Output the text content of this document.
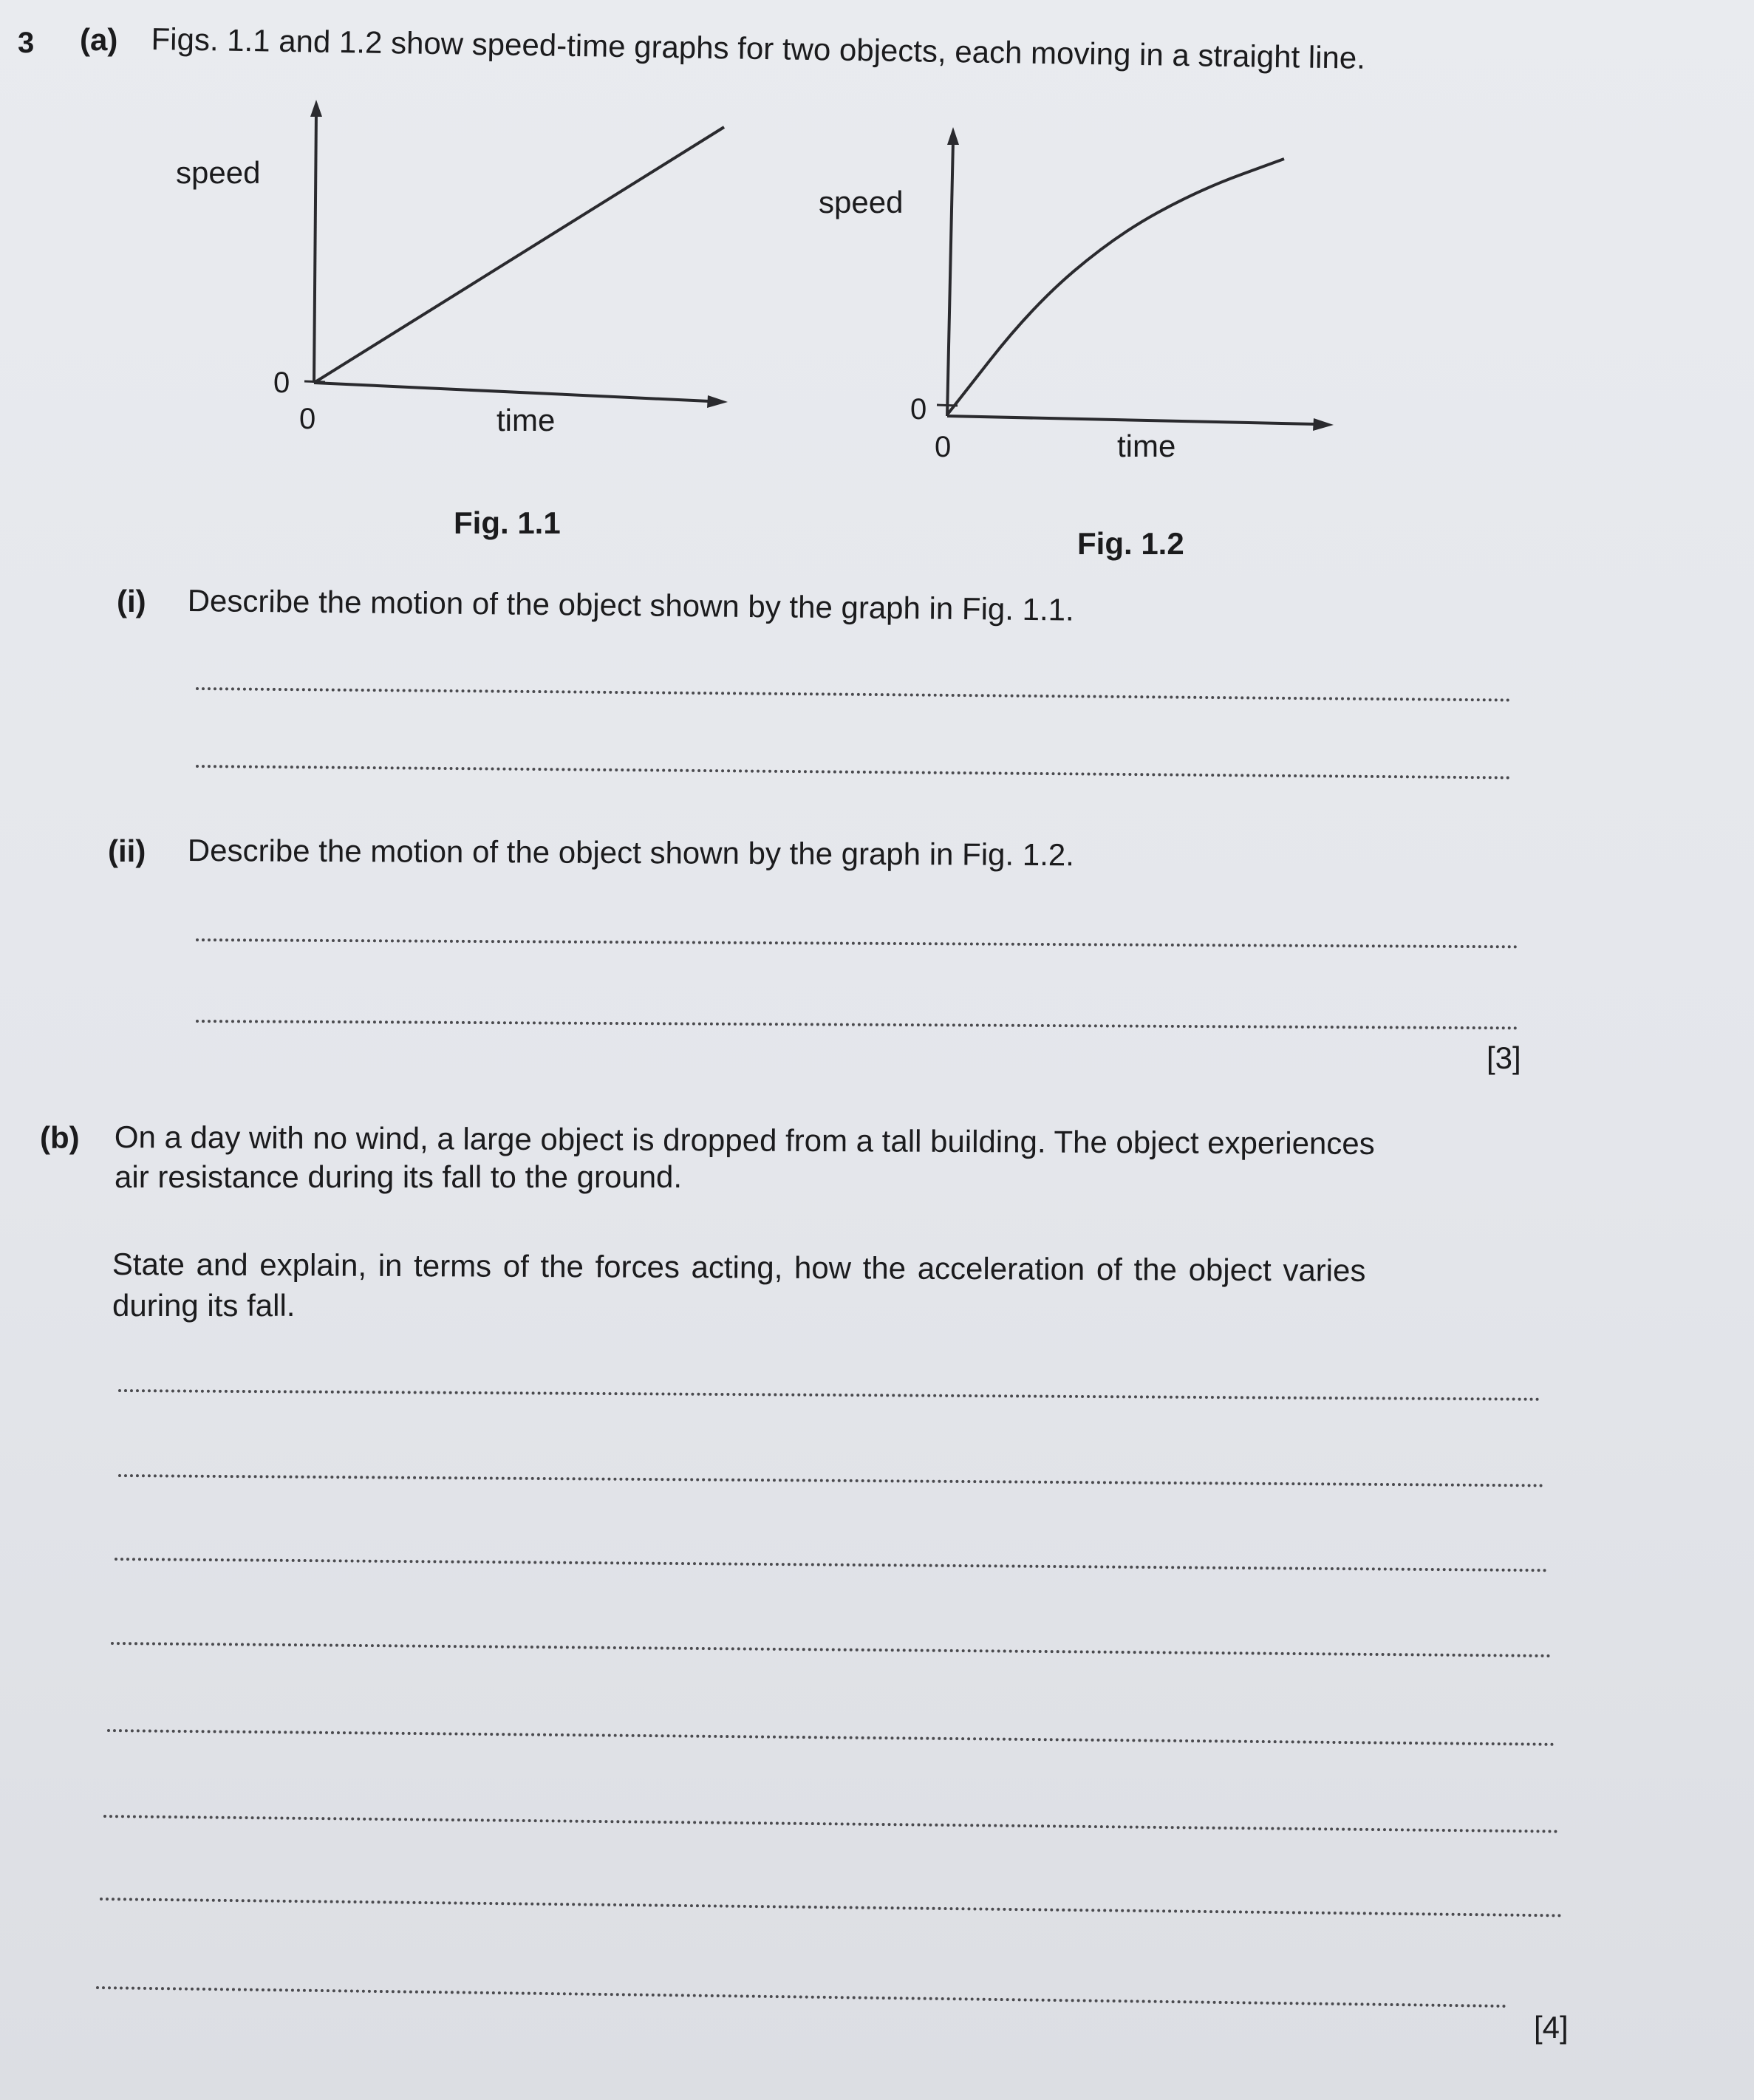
3 (a) Figs. 1.1 and 1.2 show speed-time graphs for two objects, each moving in a straight line.
speed
0
0	time
Fig. 1.1
speed
0
0	time
Fig. 1.2
(i) Describe the motion of the object shown by the graph in Fig. 1.1.
(ii) Describe the motion of the object shown by the graph in Fig. 1.2.
[3]
(b) On a day with no wind, a large object is dropped from a tall building. The object experiences
air resistance during its fall to the ground.
State and explain, in terms of the forces acting, how the acceleration of the object varies
during its fall.
[4]
